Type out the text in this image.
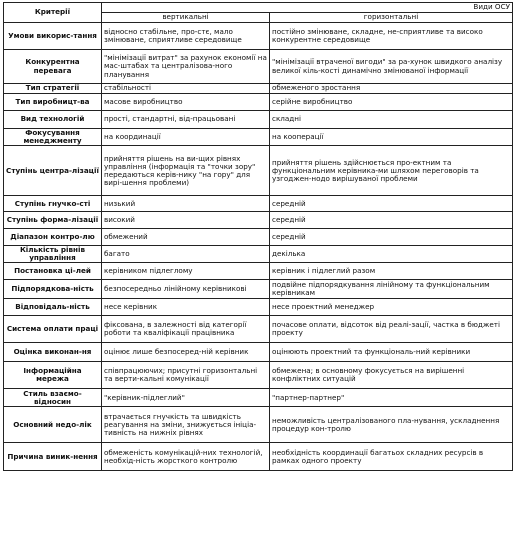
Критерії	Види ОСУ	
	вертикальні	горизонтальні
Умови викорис-тання	відносно стабільне, про-стє, мало змінюване, сприятливе середовище	постійно змінюване, складне, не-сприятливе та високо конкурентне середовище
Конкурентна перевага	"мінімізації витрат" за рахунок економії на мас-штабах та централізова-ного планування	"мінімізації втраченої вигоди" за ра-хунок швидкого аналізу великої кіль-кості динамічно змінюваної інформації
Тип стратегії	стабільності	обмеженого зростання
Тип виробницт-ва	масове виробництво	серійне виробництво
Вид технологій	прості, стандартні, від-працьовані	складні
Фокусування менеджменту	на координації	на кооперації
Ступінь центра-лізації	прийняття рішень на ви-щих рівнях управління (інформація та "точки зору" передаються керів-нику "на гору" для вирі-шення проблеми)	прийняття рішень здійснюється про-ектним та функціональним керівника-ми шляхом переговорів та узгоджен-нодо вирішуваної проблеми
Ступінь гнучко-сті	низький	середній
Ступінь форма-лізації	високий	середній
Діапазон контро-лю	обмежений	середній
Кількість рівнів управління	багато	декілька
Постановка ці-лей	керівником підлеглому	керівник і підлеглий разом
Підпорядкова-ність	безпосередньо лінійному керівникові	подвійне підпорядкування лінійному та функціональним керівникам
Відповідаль-ність	несе керівник	несе проектний менеджер
Система оплати праці	фіксована, в залежності від категорії роботи та кваліфікації працівника	почасове оплати, відсоток від реалі-зації, частка в бюджеті проекту
Оцінка виконан-ня	оцінює лише безпосеред-ній керівник	оцінюють проектний та функціональ-ний керівники
Інформаційна мережа	співпрацюючих; присутні горизонтальні та верти-кальні комунікації	обмежена; в основному фокусується на вирішенні конфліктних ситуацій
Стиль взаємо-відносин	"керівник-підлеглий"	"партнер-партнер"
Основний недо-лік	втрачається гнучкість та швидкість реагування на зміни, знижується ініціа-тивність на нижніх рівнях	неможливість централізованого пла-нування, ускладнення процедур кон-тролю
Причина виник-нення	обмеженість комунікацій-них технологій, необхід-ність жорсткого контролю	необхідність координації багатьох складних ресурсів в рамках одного проекту
